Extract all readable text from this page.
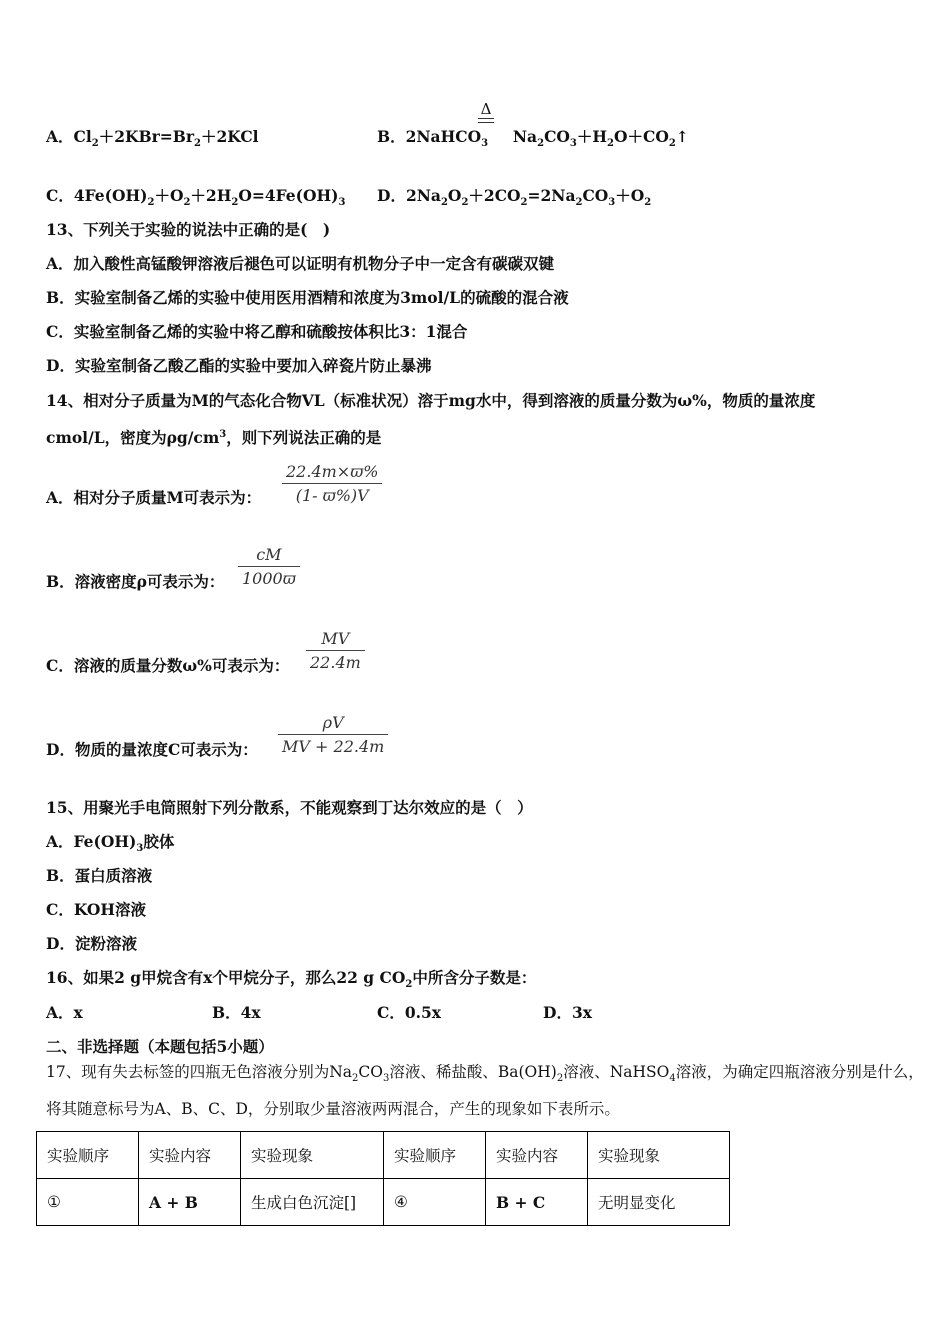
Δ
A．$Cl_2+2KBr=Br_2+2KCl$	B．2NaHCO$_3$ $Na_2CO_3+H_2O+CO_2↑$
C．$4Fe(OH)_2+O_2+2H_2O=4Fe(OH)_3$ D．$2Na_2O_2+2CO_2=2Na_2CO_3+O_2$
13、下列关于实验的说法中正确的是(　)
A．加入酸性高锰酸钾溶液后褪色可以证明有机物分子中一定含有碳碳双键
B．实验室制备乙烯的实验中使用医用酒精和浓度为3mol/L的硫酸的混合液
C．实验室制备乙烯的实验中将乙醇和硫酸按体积比3：1混合
D．实验室制备乙酸乙酯的实验中要加入碎瓷片防止暴沸
14、相对分子质量为M的气态化合物VL（标准状况）溶于mg水中，得到溶液的质量分数为ω%，物质的量浓度
cmol/L，密度为$\rho g/cm^3$，则下列说法正确的是
A．相对分子质量M可表示为：
22.4m×ϖ%
(1- ϖ%)V
B．溶液密度ρ可表示为：
cM
1000ϖ
C．溶液的质量分数ω%可表示为：
MV
22.4m
D．物质的量浓度C可表示为：
ρV
MV + 22.4m
15、用聚光手电筒照射下列分散系，不能观察到丁达尔效应的是（　）
A．$Fe(OH)_3$胶体
B．蛋白质溶液
C．KOH溶液
D．淀粉溶液
16、如果2 g甲烷含有x个甲烷分子，那么22 g $CO_2$中所含分子数是：
A．x	B．4x	C．0.5x	D．3x
二、非选择题（本题包括5小题）
17、现有失去标签的四瓶无色溶液分别为$Na_2CO_3$溶液、稀盐酸、$Ba(OH)_2$溶液、NaHSO$_4$溶液，为确定四瓶溶液分别是什么，
将其随意标号为A、B、C、D，分别取少量溶液两两混合，产生的现象如下表所示。
实验顺序	实验内容	实验现象	实验顺序	实验内容	实验现象
①	A + B	生成白色沉淀[]	④	B + C	无明显变化
